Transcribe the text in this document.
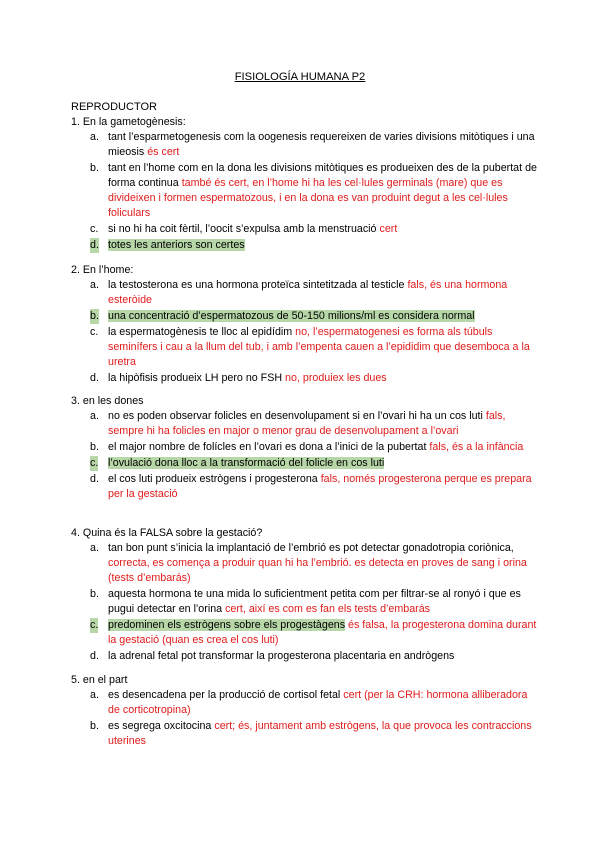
FISIOLOGÍA HUMANA P2
REPRODUCTOR
1. En la gametogènesis:
a. tant l’esparmetogenesis com la oogenesis requereixen de varies divisions mitòtiques i una mieosis és cert
b. tant en l’home com en la dona les divisions mitòtiques es produeixen des de la pubertat de forma continua també és cert, en l’home hi ha les cel·lules germinals (mare) que es divideixen i formen espermatozous, i en la dona es van produint degut a les cel·lules foliculars
c. si no hi ha coit fèrtil, l’oocit s’expulsa amb la menstruació cert
d. totes les anteriors son certes
2. En l’home:
a. la testosterona es una hormona proteïca sintetitzada al testicle fals, és una hormona esteròide
b. una concentració d’espermatozous de 50-150 milions/ml es considera normal
c. la espermatogènesis te lloc al epidídim no, l’espermatogenesi es forma als túbuls seminífers i cau a la llum del tub, i amb l’empenta cauen a l’epididim que desemboca a la uretra
d. la hipòfisis produeix LH pero no FSH no, produiex les dues
3. en les dones
a. no es poden observar folicles en desenvolupament si en l’ovari hi ha un cos luti fals, sempre hi ha folicles en major o menor grau de desenvolupament a l’ovari
b. el major nombre de folícles en l’ovari es dona a l’inici de la pubertat fals, és a la infància
c. l’ovulació dona lloc a la transformació del folicle en cos luti
d. el cos luti produeix estrògens i progesterona fals, només progesterona perque es prepara per la gestació
4. Quina és la FALSA sobre la gestació?
a. tan bon punt s’inicia la implantació de l’embrió es pot detectar gonadotropia coriònica, correcta, es comença a produir quan hi ha l’embrió. es detecta en proves de sang i orina (tests d’embarás)
b. aquesta hormona te una mida lo suficientment petita com per filtrar-se al ronyó i que es pugui detectar en l’orina cert, així es com es fan els tests d’embarás
c. predominen els estrògens sobre els progestàgens és falsa, la progesterona domina durant la gestació (quan es crea el cos luti)
d. la adrenal fetal pot transformar la progesterona placentaria en andrògens
5. en el part
a. es desencadena per la producció de cortisol fetal cert (per la CRH: hormona alliberadora de corticotropina)
b. es segrega oxcitocina cert; és, juntament amb estrògens, la que provoca les contraccions uterines
